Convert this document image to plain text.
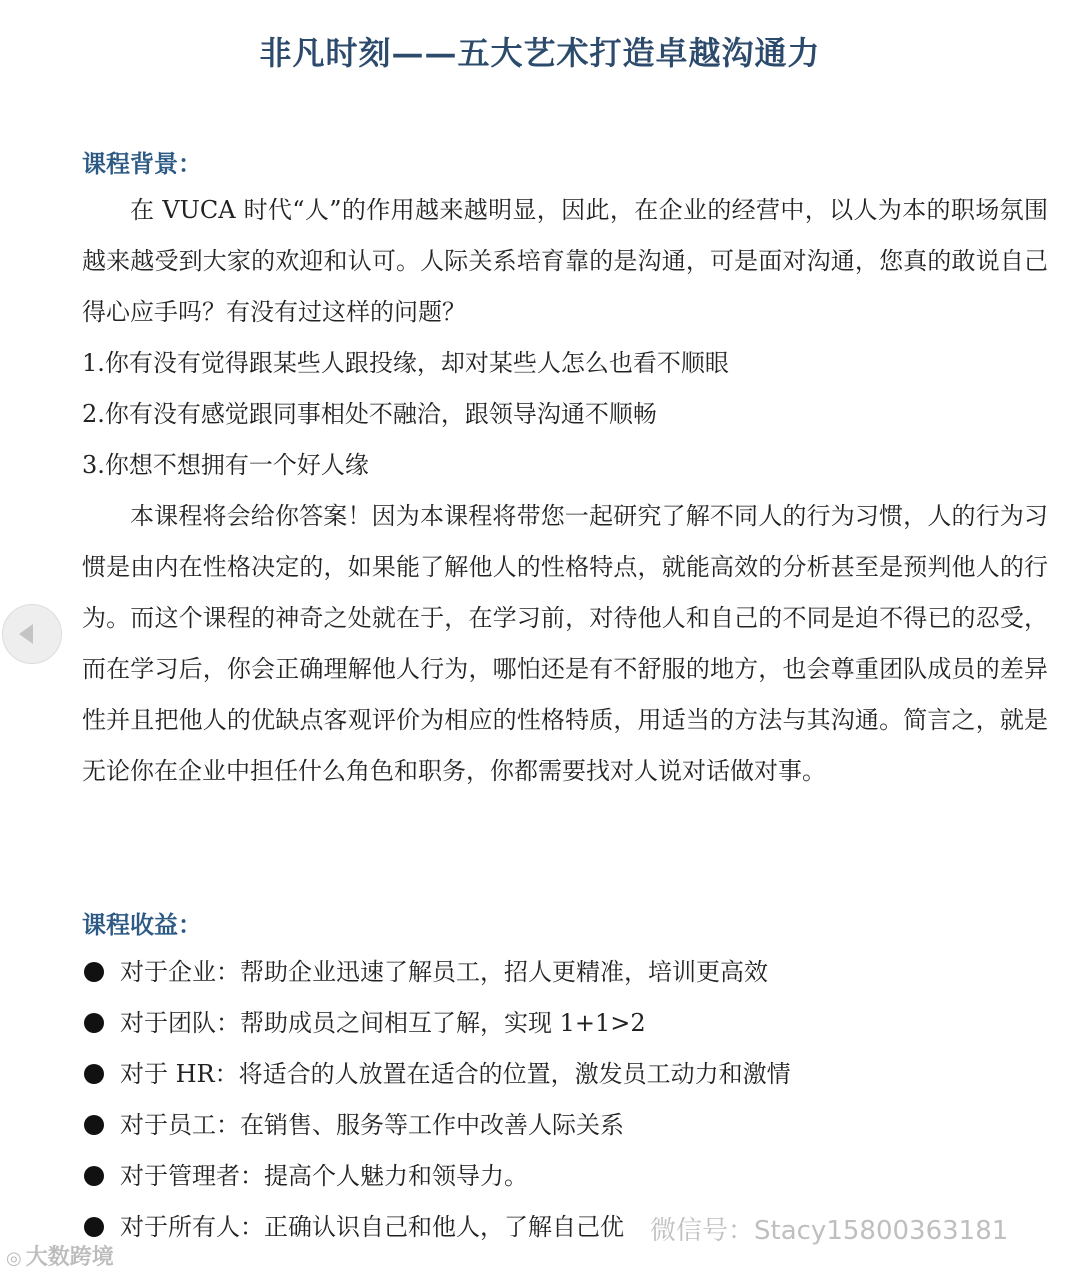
非凡时刻——五大艺术打造卓越沟通力
课程背景：
在 VUCA 时代“人”的作用越来越明显，因此，在企业的经营中，以人为本的职场氛围越来越受到大家的欢迎和认可。人际关系培育靠的是沟通，可是面对沟通，您真的敢说自己得心应手吗？有没有过这样的问题？
1.你有没有觉得跟某些人跟投缘，却对某些人怎么也看不顺眼
2.你有没有感觉跟同事相处不融洽，跟领导沟通不顺畅
3.你想不想拥有一个好人缘
本课程将会给你答案！因为本课程将带您一起研究了解不同人的行为习惯，人的行为习惯是由内在性格决定的，如果能了解他人的性格特点，就能高效的分析甚至是预判他人的行为。而这个课程的神奇之处就在于，在学习前，对待他人和自己的不同是迫不得已的忍受，而在学习后，你会正确理解他人行为，哪怕还是有不舒服的地方，也会尊重团队成员的差异性并且把他人的优缺点客观评价为相应的性格特质，用适当的方法与其沟通。简言之，就是无论你在企业中担任什么角色和职务，你都需要找对人说对话做对事。
课程收益：
对于企业：帮助企业迅速了解员工，招人更精准，培训更高效
对于团队：帮助成员之间相互了解，实现 1+1>2
对于 HR：将适合的人放置在适合的位置，激发员工动力和激情
对于员工：在销售、服务等工作中改善人际关系
对于管理者：提高个人魅力和领导力。
对于所有人：正确认识自己和他人，了解自己优
◎ 大数跨境
微信号：Stacy15800363181
